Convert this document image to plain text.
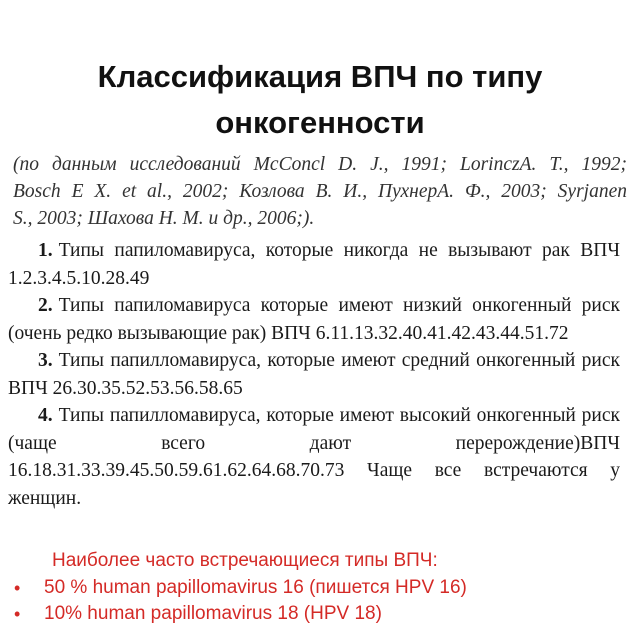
Классификация ВПЧ по типу
онкогенности
(по данным исследований McConcl D. J., 1991; LorinczA. T., 1992;
Bosch E X. et al., 2002; Козлова В. И., ПухнерА. Ф., 2003; Syrjanen
S., 2003; Шахова Н. М. и др., 2006;).
1. Типы папиломавируса, которые никогда не вызывают рак ВПЧ 1.2.3.4.5.10.28.49
2. Типы папиломавируса которые имеют низкий онкогенный риск (очень редко вызывающие рак) ВПЧ 6.11.13.32.40.41.42.43.44.51.72
3. Типы папилломавируса, которые имеют средний онкогенный риск ВПЧ 26.30.35.52.53.56.58.65
4. Типы папилломавируса, которые имеют высокий онкогенный риск (чаще всего дают перерождение)ВПЧ 16.18.31.33.39.45.50.59.61.62.64.68.70.73 Чаще все встречаются у женщин.
Наиболее часто встречающиеся типы ВПЧ:
• 50 % human papillomavirus 16 (пишется HPV 16)
• 10% human papillomavirus 18 (HPV 18)
